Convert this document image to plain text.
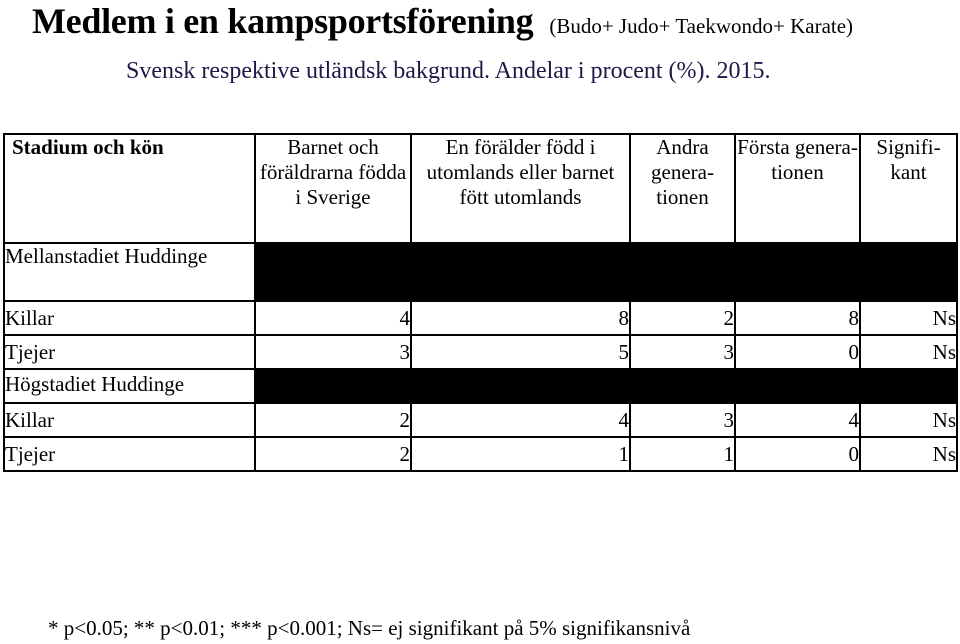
Medlem i en kampsportsförening (Budo+ Judo+ Taekwondo+ Karate)
Svensk respektive utländsk bakgrund. Andelar i procent (%). 2015.
Stadium och kön	Barnet och föräldrarna födda i Sverige	En förälder född i utomlands eller barnet fött utomlands	Andra genera-tionen	Första genera-tionen	Signifi-kant
Mellanstadiet Huddinge					
Killar	4	8	2	8	Ns
Tjejer	3	5	3	0	Ns
Högstadiet Huddinge					
Killar	2	4	3	4	Ns
Tjejer	2	1	1	0	Ns
* p<0.05; ** p<0.01; *** p<0.001; Ns= ej signifikant på 5% signifikansnivå
